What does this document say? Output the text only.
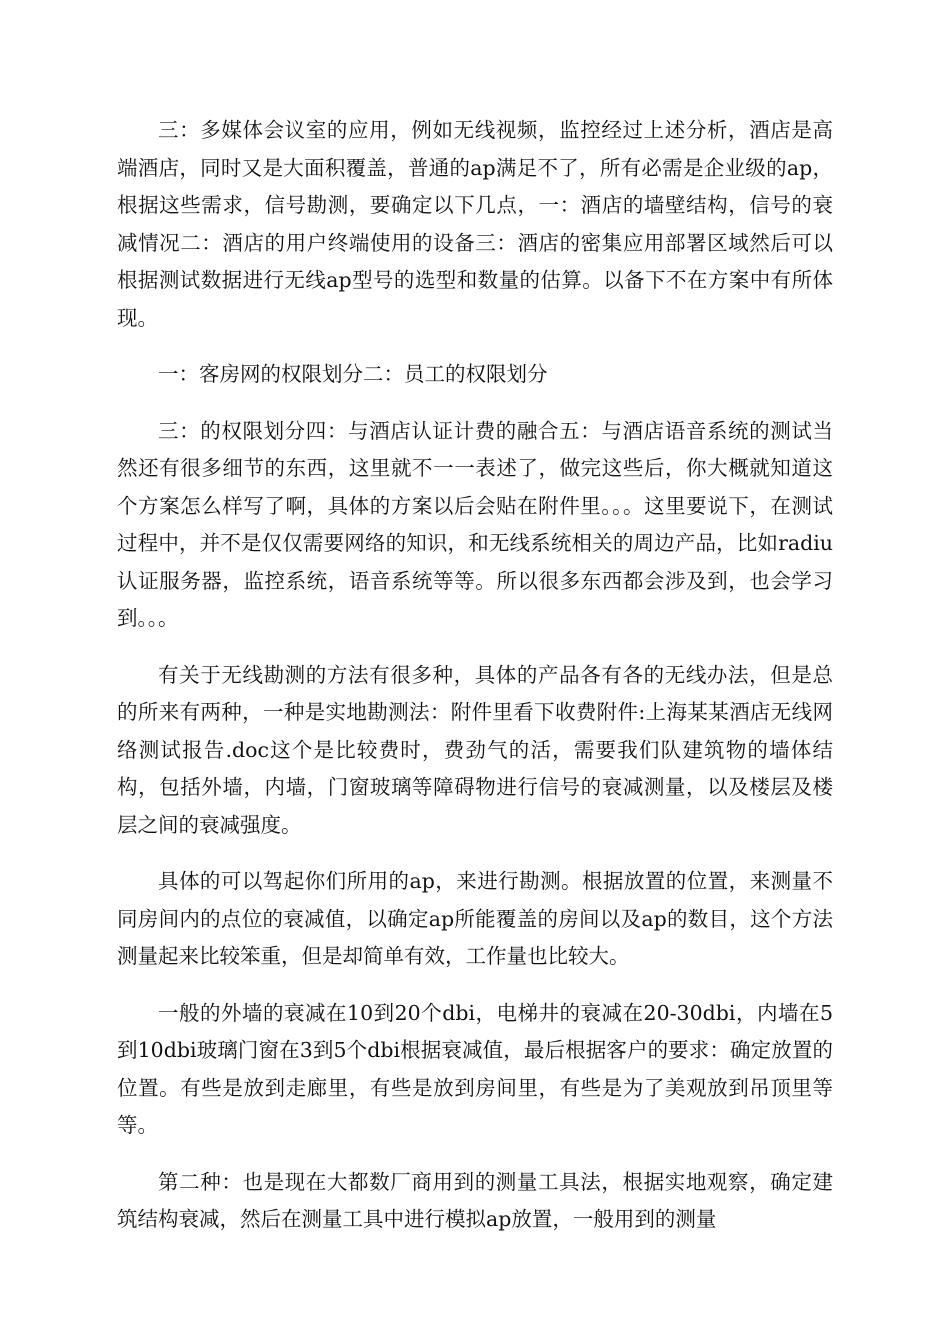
三：多媒体会议室的应用，例如无线视频，监控经过上述分析，酒店是高端酒店，同时又是大面积覆盖，普通的ap满足不了，所有必需是企业级的ap，根据这些需求，信号勘测，要确定以下几点，一：酒店的墙壁结构，信号的衰减情况二：酒店的用户终端使用的设备三：酒店的密集应用部署区域然后可以根据测试数据进行无线ap型号的选型和数量的估算。以备下不在方案中有所体现。

一：客房网的权限划分二：员工的权限划分

三：的权限划分四：与酒店认证计费的融合五：与酒店语音系统的测试当然还有很多细节的东西，这里就不一一表述了，做完这些后，你大概就知道这个方案怎么样写了啊，具体的方案以后会贴在附件里。。。这里要说下，在测试过程中，并不是仅仅需要网络的知识，和无线系统相关的周边产品，比如radiu认证服务器，监控系统，语音系统等等。所以很多东西都会涉及到，也会学习到。。。

有关于无线勘测的方法有很多种，具体的产品各有各的无线办法，但是总的所来有两种，一种是实地勘测法：附件里看下收费附件:上海某某酒店无线网络测试报告.doc这个是比较费时，费劲气的活，需要我们队建筑物的墙体结构，包括外墙，内墙，门窗玻璃等障碍物进行信号的衰减测量，以及楼层及楼层之间的衰减强度。

具体的可以驾起你们所用的ap，来进行勘测。根据放置的位置，来测量不同房间内的点位的衰减值，以确定ap所能覆盖的房间以及ap的数目，这个方法测量起来比较笨重，但是却简单有效，工作量也比较大。

一般的外墙的衰减在10到20个dbi，电梯井的衰减在20-30dbi，内墙在5到10dbi玻璃门窗在3到5个dbi根据衰减值，最后根据客户的要求：确定放置的位置。有些是放到走廊里，有些是放到房间里，有些是为了美观放到吊顶里等等。

第二种：也是现在大都数厂商用到的测量工具法，根据实地观察，确定建筑结构衰减，然后在测量工具中进行模拟ap放置，一般用到的测量
